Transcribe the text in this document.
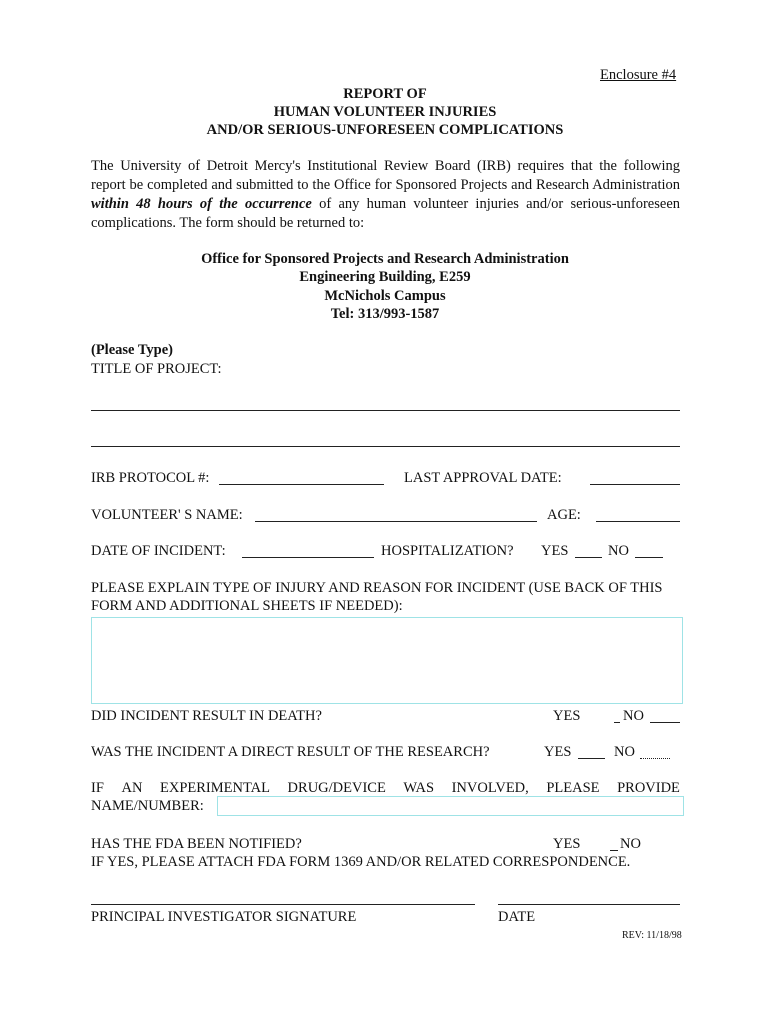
Enclosure #4
REPORT OF
HUMAN VOLUNTEER INJURIES
AND/OR SERIOUS-UNFORESEEN COMPLICATIONS
The University of Detroit Mercy's Institutional Review Board (IRB) requires that the following report be completed and submitted to the Office for Sponsored Projects and Research Administration within 48 hours of the occurrence of any human volunteer injuries and/or serious-unforeseen complications. The form should be returned to:
Office for Sponsored Projects and Research Administration
Engineering Building, E259
McNichols Campus
Tel: 313/993-1587
(Please Type)
TITLE OF PROJECT:
IRB PROTOCOL #:	LAST APPROVAL DATE:
VOLUNTEER' S NAME:	AGE:
DATE OF INCIDENT:	HOSPITALIZATION? YES	NO
PLEASE EXPLAIN TYPE OF INJURY AND REASON FOR INCIDENT (USE BACK OF THIS
FORM AND ADDITIONAL SHEETS IF NEEDED):
DID INCIDENT RESULT IN DEATH?	YES	NO
WAS THE INCIDENT A DIRECT RESULT OF THE RESEARCH?	YES	NO
IF AN EXPERIMENTAL DRUG/DEVICE WAS INVOLVED, PLEASE PROVIDE
NAME/NUMBER:
HAS THE FDA BEEN NOTIFIED?	YES	NO
IF YES, PLEASE ATTACH FDA FORM 1369 AND/OR RELATED CORRESPONDENCE.
PRINCIPAL INVESTIGATOR SIGNATURE	DATE
REV: 11/18/98
